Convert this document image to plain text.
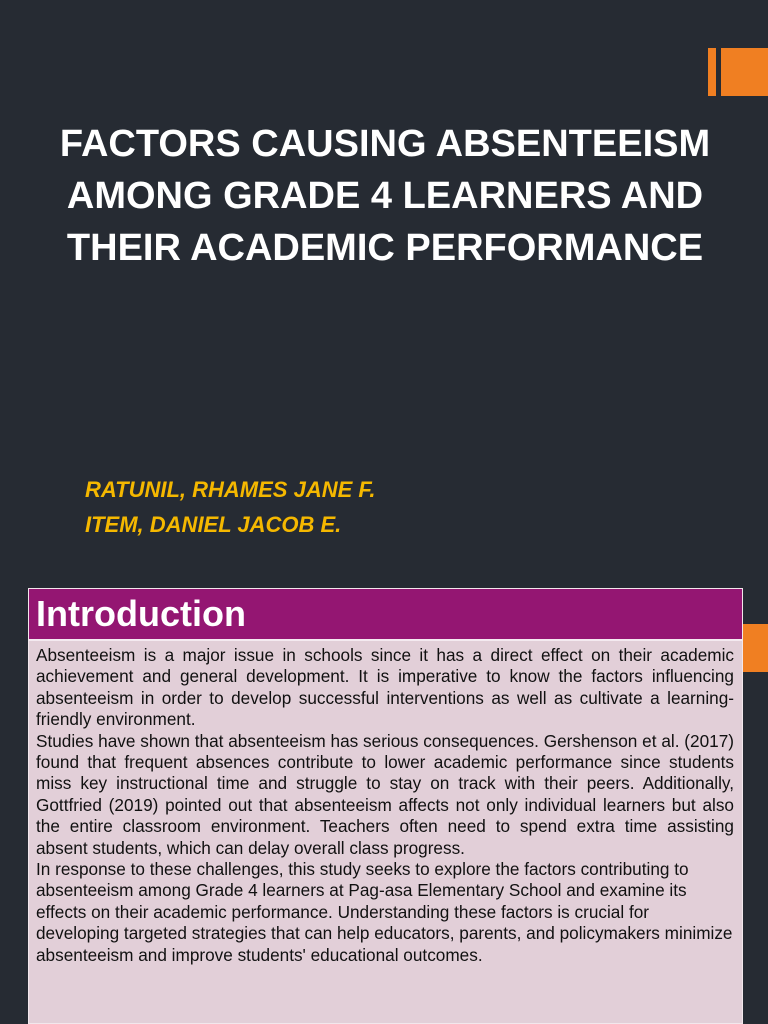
FACTORS CAUSING ABSENTEEISM AMONG GRADE 4 LEARNERS AND THEIR ACADEMIC PERFORMANCE
RATUNIL, RHAMES JANE F.
ITEM, DANIEL JACOB E.
Introduction

Absenteeism is a major issue in schools since it has a direct effect on their academic achievement and general development. It is imperative to know the factors influencing absenteeism in order to develop successful interventions as well as cultivate a learning-friendly environment.

Studies have shown that absenteeism has serious consequences. Gershenson et al. (2017) found that frequent absences contribute to lower academic performance since students miss key instructional time and struggle to stay on track with their peers. Additionally, Gottfried (2019) pointed out that absenteeism affects not only individual learners but also the entire classroom environment. Teachers often need to spend extra time assisting absent students, which can delay overall class progress.

In response to these challenges, this study seeks to explore the factors contributing to absenteeism among Grade 4 learners at Pag-asa Elementary School and examine its effects on their academic performance. Understanding these factors is crucial for developing targeted strategies that can help educators, parents, and policymakers minimize absenteeism and improve students' educational outcomes.
